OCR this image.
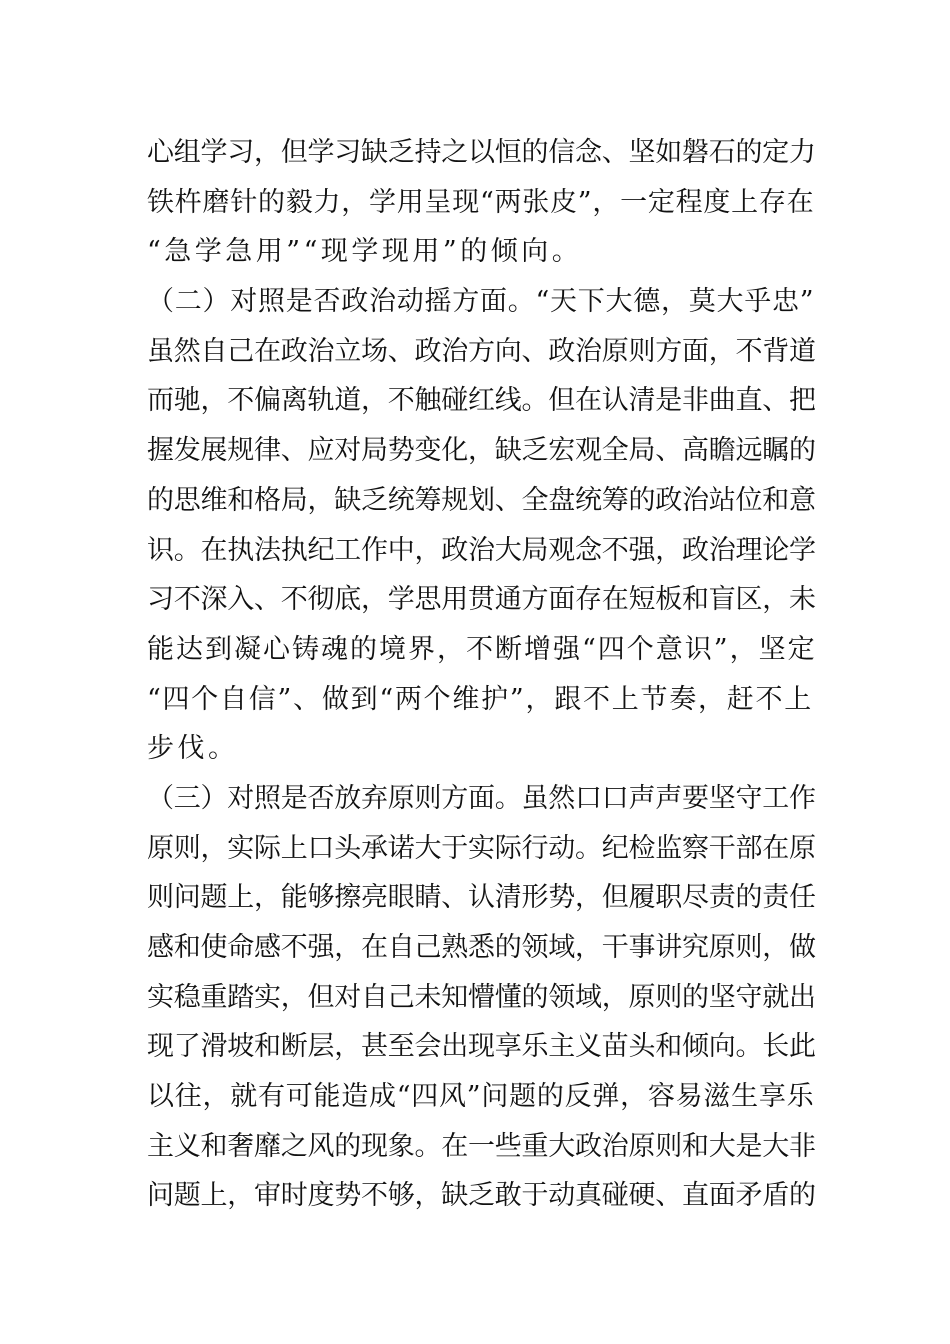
心组学习，但学习缺乏持之以恒的信念、坚如磐石的定力
铁杵磨针的毅力，学用呈现“两张皮”，一定程度上存在
“急学急用”“现学现用”的倾向。
（二）对照是否政治动摇方面。“天下大德，莫大乎忠”
虽然自己在政治立场、政治方向、政治原则方面，不背道
而驰，不偏离轨道，不触碰红线。但在认清是非曲直、把
握发展规律、应对局势变化，缺乏宏观全局、高瞻远瞩的
的思维和格局，缺乏统筹规划、全盘统筹的政治站位和意
识。在执法执纪工作中，政治大局观念不强，政治理论学
习不深入、不彻底，学思用贯通方面存在短板和盲区，未
能达到凝心铸魂的境界，不断增强“四个意识”，坚定
“四个自信”、做到“两个维护”，跟不上节奏，赶不上
步伐。
（三）对照是否放弃原则方面。虽然口口声声要坚守工作
原则，实际上口头承诺大于实际行动。纪检监察干部在原
则问题上，能够擦亮眼睛、认清形势，但履职尽责的责任
感和使命感不强，在自己熟悉的领域，干事讲究原则，做
实稳重踏实，但对自己未知懵懂的领域，原则的坚守就出
现了滑坡和断层，甚至会出现享乐主义苗头和倾向。长此
以往，就有可能造成“四风”问题的反弹，容易滋生享乐
主义和奢靡之风的现象。在一些重大政治原则和大是大非
问题上，审时度势不够，缺乏敢于动真碰硬、直面矛盾的
